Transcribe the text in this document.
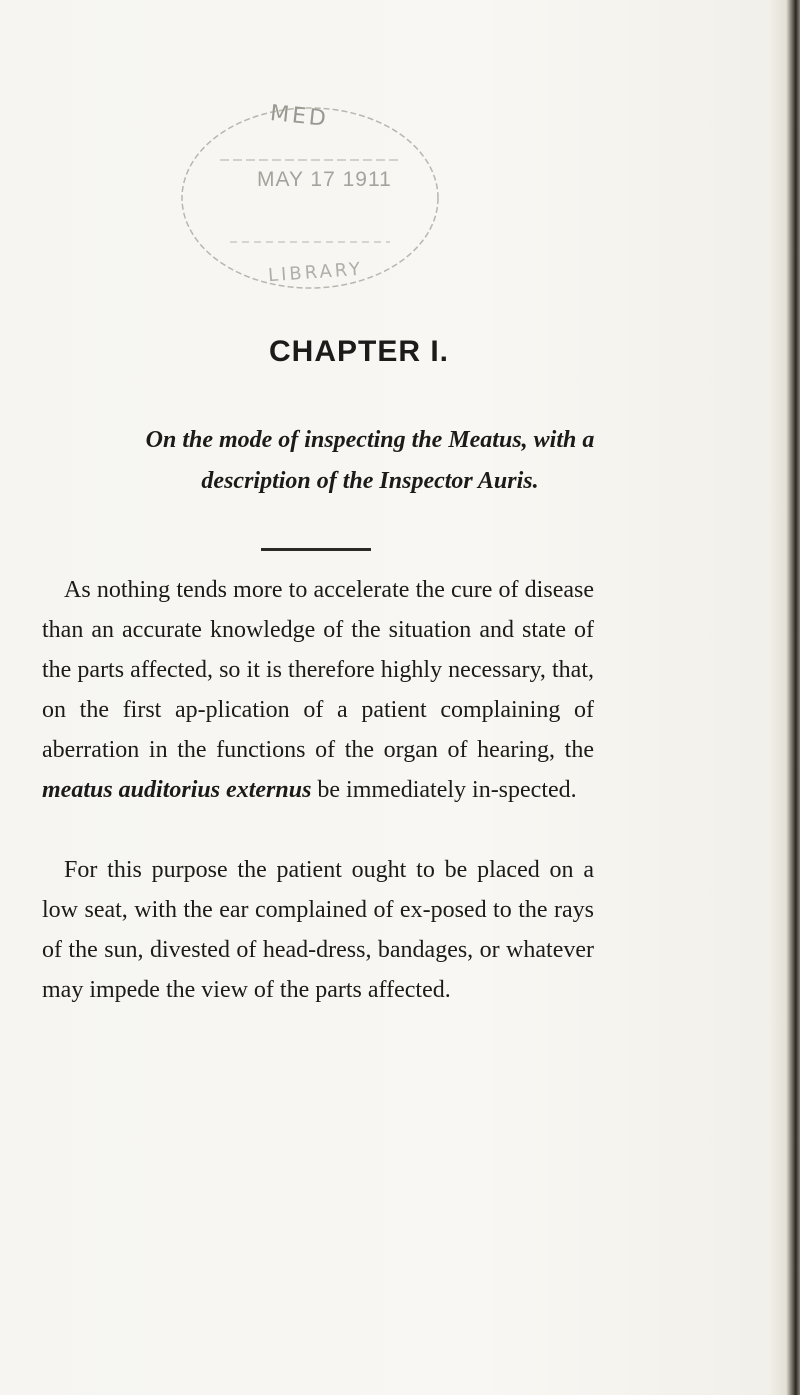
MED
MAY 17 1911
LIBRARY
CHAPTER I.

On the mode of inspecting the Meatus, with a description of the Inspector Auris.

As nothing tends more to accelerate the cure of disease than an accurate knowledge of the situation and state of the parts affected, so it is therefore highly necessary, that, on the first ap-plication of a patient complaining of aberration in the functions of the organ of hearing, the meatus auditorius externus be immediately in-spected.

For this purpose the patient ought to be placed on a low seat, with the ear complained of ex-posed to the rays of the sun, divested of head-dress, bandages, or whatever may impede the view of the parts affected.
